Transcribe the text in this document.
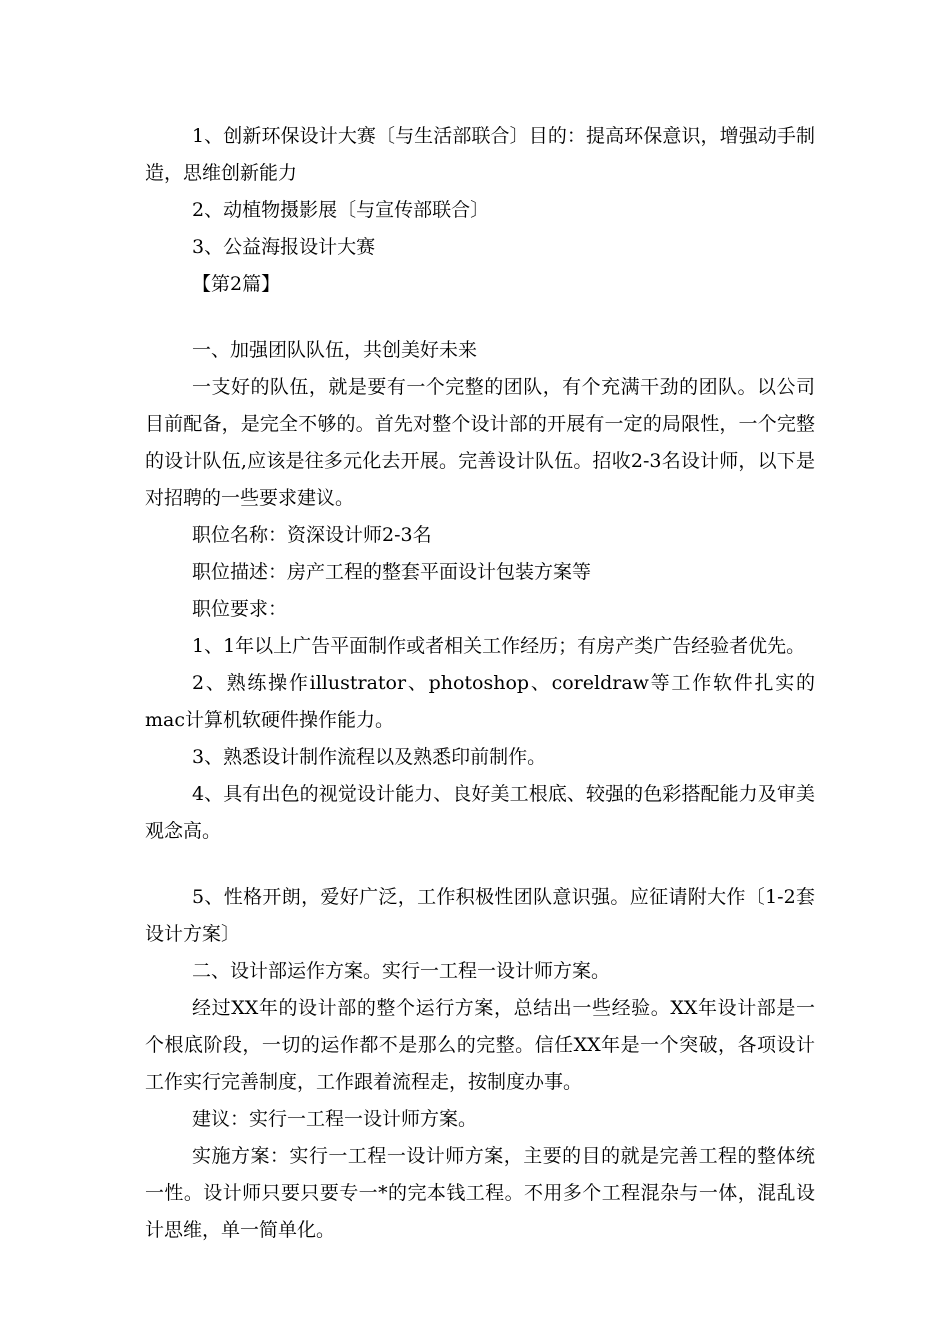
1、创新环保设计大赛〔与生活部联合〕目的：提高环保意识，增强动手制造，思维创新能力

2、动植物摄影展〔与宣传部联合〕

3、公益海报设计大赛

【第2篇】

一、加强团队队伍，共创美好未来

一支好的队伍，就是要有一个完整的团队，有个充满干劲的团队。以公司目前配备，是完全不够的。首先对整个设计部的开展有一定的局限性，一个完整的设计队伍,应该是往多元化去开展。完善设计队伍。招收2-3名设计师，以下是对招聘的一些要求建议。

职位名称：资深设计师2-3名

职位描述：房产工程的整套平面设计包装方案等

职位要求：

1、1年以上广告平面制作或者相关工作经历；有房产类广告经验者优先。

2、熟练操作illustrator、photoshop、coreldraw等工作软件扎实的mac计算机软硬件操作能力。

3、熟悉设计制作流程以及熟悉印前制作。

4、具有出色的视觉设计能力、良好美工根底、较强的色彩搭配能力及审美观念高。

5、性格开朗，爱好广泛，工作积极性团队意识强。应征请附大作〔1-2套设计方案〕

二、设计部运作方案。实行一工程一设计师方案。

经过XX年的设计部的整个运行方案，总结出一些经验。XX年设计部是一个根底阶段，一切的运作都不是那么的完整。信任XX年是一个突破，各项设计工作实行完善制度，工作跟着流程走，按制度办事。

建议：实行一工程一设计师方案。

实施方案：实行一工程一设计师方案，主要的目的就是完善工程的整体统一性。设计师只要只要专一*的完本钱工程。不用多个工程混杂与一体，混乱设计思维，单一简单化。
